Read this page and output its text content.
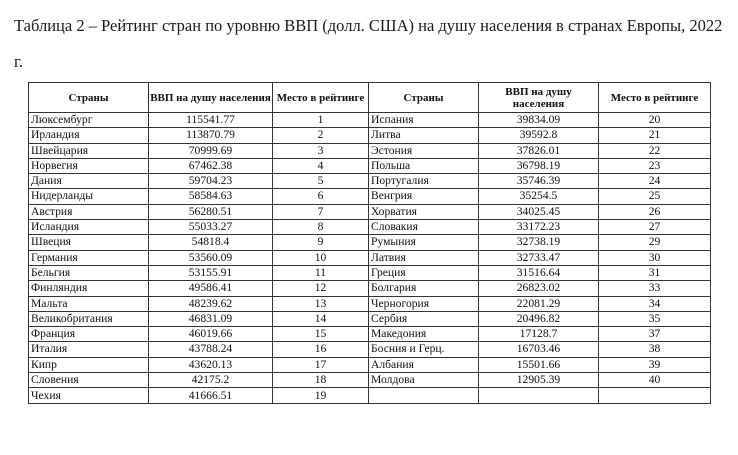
Таблица 2 – Рейтинг стран по уровню ВВП (долл. США) на душу населения в странах Европы, 2022 г.
Страны	ВВП на душу населения	Место в рейтинге	Страны	ВВП на душу населения	Место в рейтинге
Люксембург	115541.77	1	Испания	39834.09	20
Ирландия	113870.79	2	Литва	39592.8	21
Швейцария	70999.69	3	Эстония	37826.01	22
Норвегия	67462.38	4	Польша	36798.19	23
Дания	59704.23	5	Португалия	35746.39	24
Нидерланды	58584.63	6	Венгрия	35254.5	25
Австрия	56280.51	7	Хорватия	34025.45	26
Исландия	55033.27	8	Словакия	33172.23	27
Швеция	54818.4	9	Румыния	32738.19	29
Германия	53560.09	10	Латвия	32733.47	30
Бельгия	53155.91	11	Греция	31516.64	31
Финляндия	49586.41	12	Болгария	26823.02	33
Мальта	48239.62	13	Черногория	22081.29	34
Великобритания	46831.09	14	Сербия	20496.82	35
Франция	46019.66	15	Македония	17128.7	37
Италия	43788.24	16	Босния и Герц.	16703.46	38
Кипр	43620.13	17	Албания	15501.66	39
Словения	42175.2	18	Молдова	12905.39	40
Чехия	41666.51	19			
